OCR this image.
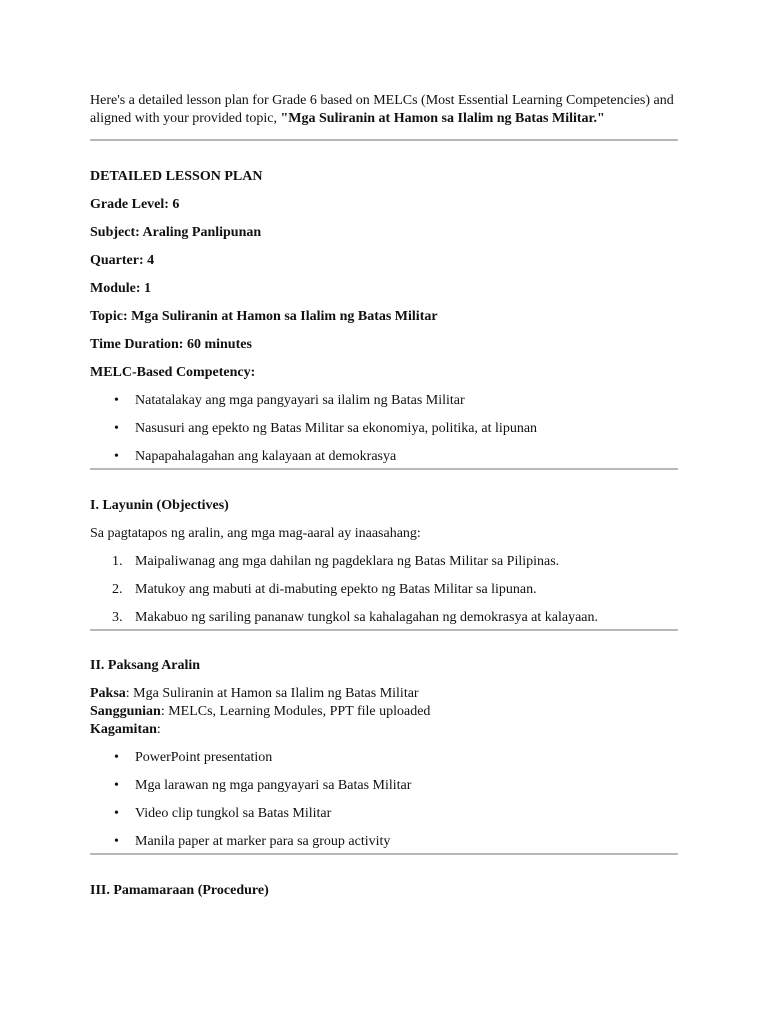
Here's a detailed lesson plan for Grade 6 based on MELCs (Most Essential Learning Competencies) and aligned with your provided topic, "Mga Suliranin at Hamon sa Ilalim ng Batas Militar."

DETAILED LESSON PLAN
Grade Level: 6
Subject: Araling Panlipunan
Quarter: 4
Module: 1
Topic: Mga Suliranin at Hamon sa Ilalim ng Batas Militar
Time Duration: 60 minutes
MELC-Based Competency:
• Natatalakay ang mga pangyayari sa ilalim ng Batas Militar
• Nasusuri ang epekto ng Batas Militar sa ekonomiya, politika, at lipunan
• Napapahalagahan ang kalayaan at demokrasya
I. Layunin (Objectives)
Sa pagtatapos ng aralin, ang mga mag-aaral ay inaasahang:
1. Maipaliwanag ang mga dahilan ng pagdeklara ng Batas Militar sa Pilipinas.
2. Matukoy ang mabuti at di-mabuting epekto ng Batas Militar sa lipunan.
3. Makabuo ng sariling pananaw tungkol sa kahalagahan ng demokrasya at kalayaan.
II. Paksang Aralin
Paksa: Mga Suliranin at Hamon sa Ilalim ng Batas Militar
Sanggunian: MELCs, Learning Modules, PPT file uploaded
Kagamitan:
• PowerPoint presentation
• Mga larawan ng mga pangyayari sa Batas Militar
• Video clip tungkol sa Batas Militar
• Manila paper at marker para sa group activity
III. Pamamaraan (Procedure)
